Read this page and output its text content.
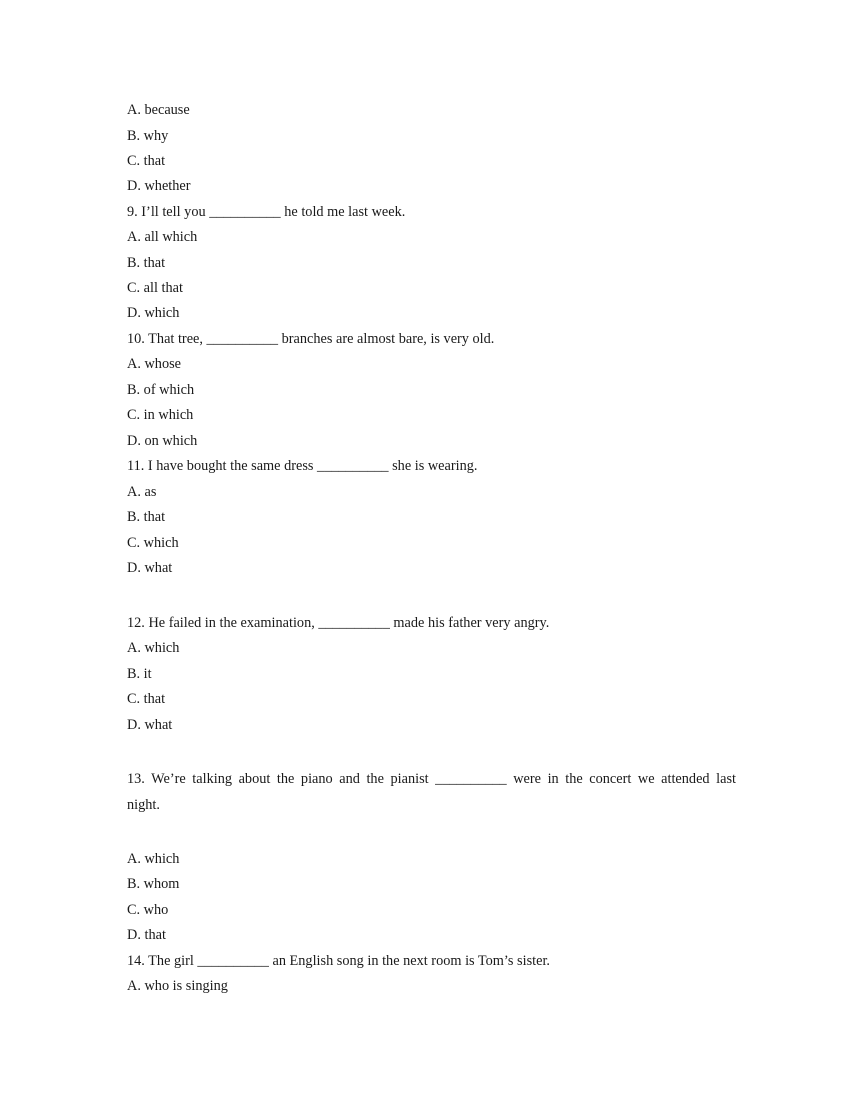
A. because
B. why
C. that
D. whether
9. I’ll tell you __________ he told me last week.
A. all which
B. that
C. all that
D. which
10. That tree, __________ branches are almost bare, is very old.
A. whose
B. of which
C. in which
D. on which
11. I have bought the same dress __________ she is wearing.
A. as
B. that
C. which
D. what
12. He failed in the examination, __________ made his father very angry.
A. which
B. it
C. that
D. what
13. We’re talking about the piano and the pianist __________ were in the concert we attended last
night.
A. which
B. whom
C. who
D. that
14. The girl __________ an English song in the next room is Tom’s sister.
A. who is singing
